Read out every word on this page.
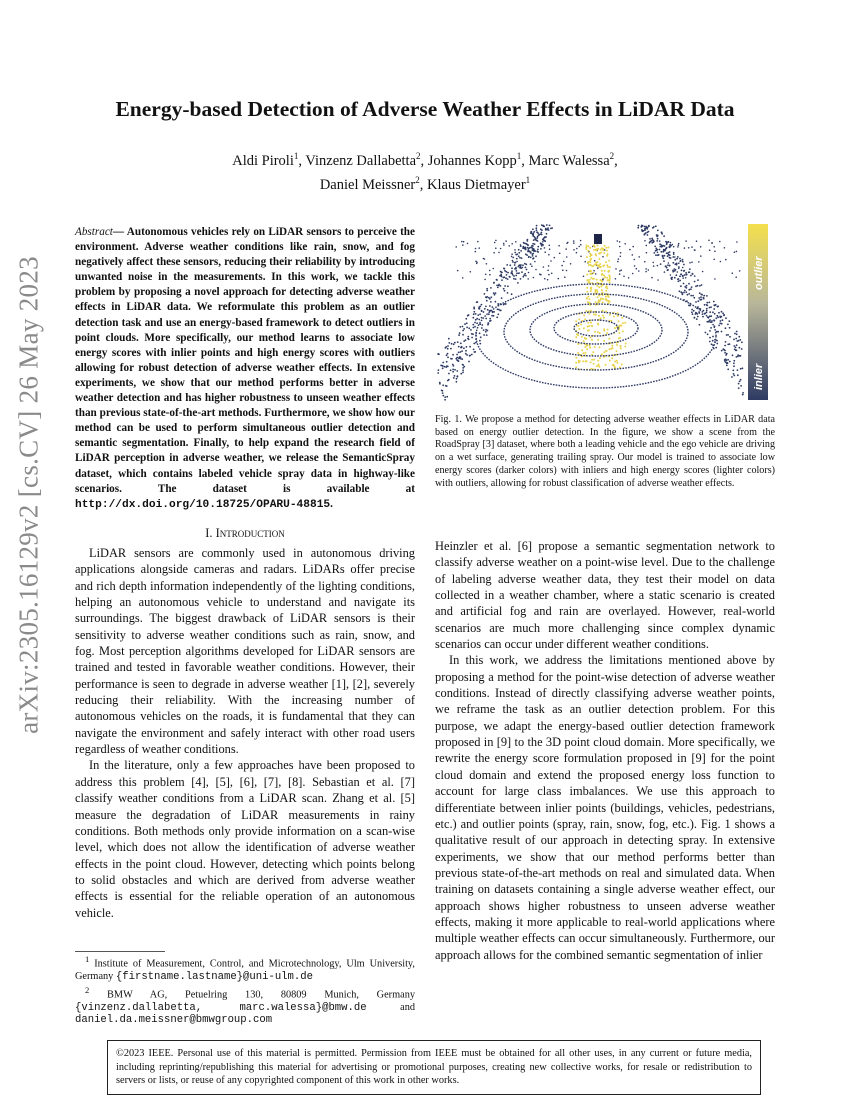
arXiv:2305.16129v2 [cs.CV] 26 May 2023
Energy-based Detection of Adverse Weather Effects in LiDAR Data
Aldi Piroli$^1$, Vinzenz Dallabetta$^2$, Johannes Kopp$^1$, Marc Walessa$^2$,
Daniel Meissner$^2$, Klaus Dietmayer$^1$
Abstract— Autonomous vehicles rely on LiDAR sensors to perceive the environment. Adverse weather conditions like rain, snow, and fog negatively affect these sensors, reducing their reliability by introducing unwanted noise in the measurements. In this work, we tackle this problem by proposing a novel approach for detecting adverse weather effects in LiDAR data. We reformulate this problem as an outlier detection task and use an energy-based framework to detect outliers in point clouds. More specifically, our method learns to associate low energy scores with inlier points and high energy scores with outliers allowing for robust detection of adverse weather effects. In extensive experiments, we show that our method performs better in adverse weather detection and has higher robustness to unseen weather effects than previous state-of-the-art methods. Furthermore, we show how our method can be used to perform simultaneous outlier detection and semantic segmentation. Finally, to help expand the research field of LiDAR perception in adverse weather, we release the SemanticSpray dataset, which contains labeled vehicle spray data in highway-like scenarios. The dataset is available at http://dx.doi.org/10.18725/OPARU-48815.
I. Introduction

LiDAR sensors are commonly used in autonomous driving applications alongside cameras and radars. LiDARs offer precise and rich depth information independently of the lighting conditions, helping an autonomous vehicle to understand and navigate its surroundings. The biggest drawback of LiDAR sensors is their sensitivity to adverse weather conditions such as rain, snow, and fog. Most perception algorithms developed for LiDAR sensors are trained and tested in favorable weather conditions. However, their performance is seen to degrade in adverse weather [1], [2], severely reducing their reliability. With the increasing number of autonomous vehicles on the roads, it is fundamental that they can navigate the environment and safely interact with other road users regardless of weather conditions.

In the literature, only a few approaches have been proposed to address this problem [4], [5], [6], [7], [8]. Sebastian et al. [7] classify weather conditions from a LiDAR scan. Zhang et al. [5] measure the degradation of LiDAR measurements in rainy conditions. Both methods only provide information on a scan-wise level, which does not allow the identification of adverse weather effects in the point cloud. However, detecting which points belong to solid obstacles and which are derived from adverse weather effects is essential for the reliable operation of an autonomous vehicle.

$^1$ Institute of Measurement, Control, and Microtechnology, Ulm University, Germany {firstname.lastname}@uni-ulm.de

$^2$ BMW AG, Petuelring 130, 80809 Munich, Germany {vinzenz.dallabetta, marc.walessa}@bmw.de and daniel.da.meissner@bmwgroup.com

outlier
inlier
Fig. 1. We propose a method for detecting adverse weather effects in LiDAR data based on energy outlier detection. In the figure, we show a scene from the RoadSpray [3] dataset, where both a leading vehicle and the ego vehicle are driving on a wet surface, generating trailing spray. Our model is trained to associate low energy scores (darker colors) with inliers and high energy scores (lighter colors) with outliers, allowing for robust classification of adverse weather effects.

Heinzler et al. [6] propose a semantic segmentation network to classify adverse weather on a point-wise level. Due to the challenge of labeling adverse weather data, they test their model on data collected in a weather chamber, where a static scenario is created and artificial fog and rain are overlayed. However, real-world scenarios are much more challenging since complex dynamic scenarios can occur under different weather conditions.

In this work, we address the limitations mentioned above by proposing a method for the point-wise detection of adverse weather conditions. Instead of directly classifying adverse weather points, we reframe the task as an outlier detection problem. For this purpose, we adapt the energy-based outlier detection framework proposed in [9] to the 3D point cloud domain. More specifically, we rewrite the energy score formulation proposed in [9] for the point cloud domain and extend the proposed energy loss function to account for large class imbalances. We use this approach to differentiate between inlier points (buildings, vehicles, pedestrians, etc.) and outlier points (spray, rain, snow, fog, etc.). Fig. 1 shows a qualitative result of our approach in detecting spray. In extensive experiments, we show that our method performs better than previous state-of-the-art methods on real and simulated data. When training on datasets containing a single adverse weather effect, our approach shows higher robustness to unseen adverse weather effects, making it more applicable to real-world applications where multiple weather effects can occur simultaneously. Furthermore, our approach allows for the combined semantic segmentation of inlier

©2023 IEEE. Personal use of this material is permitted. Permission from IEEE must be obtained for all other uses, in any current or future media, including reprinting/republishing this material for advertising or promotional purposes, creating new collective works, for resale or redistribution to servers or lists, or reuse of any copyrighted component of this work in other works.
